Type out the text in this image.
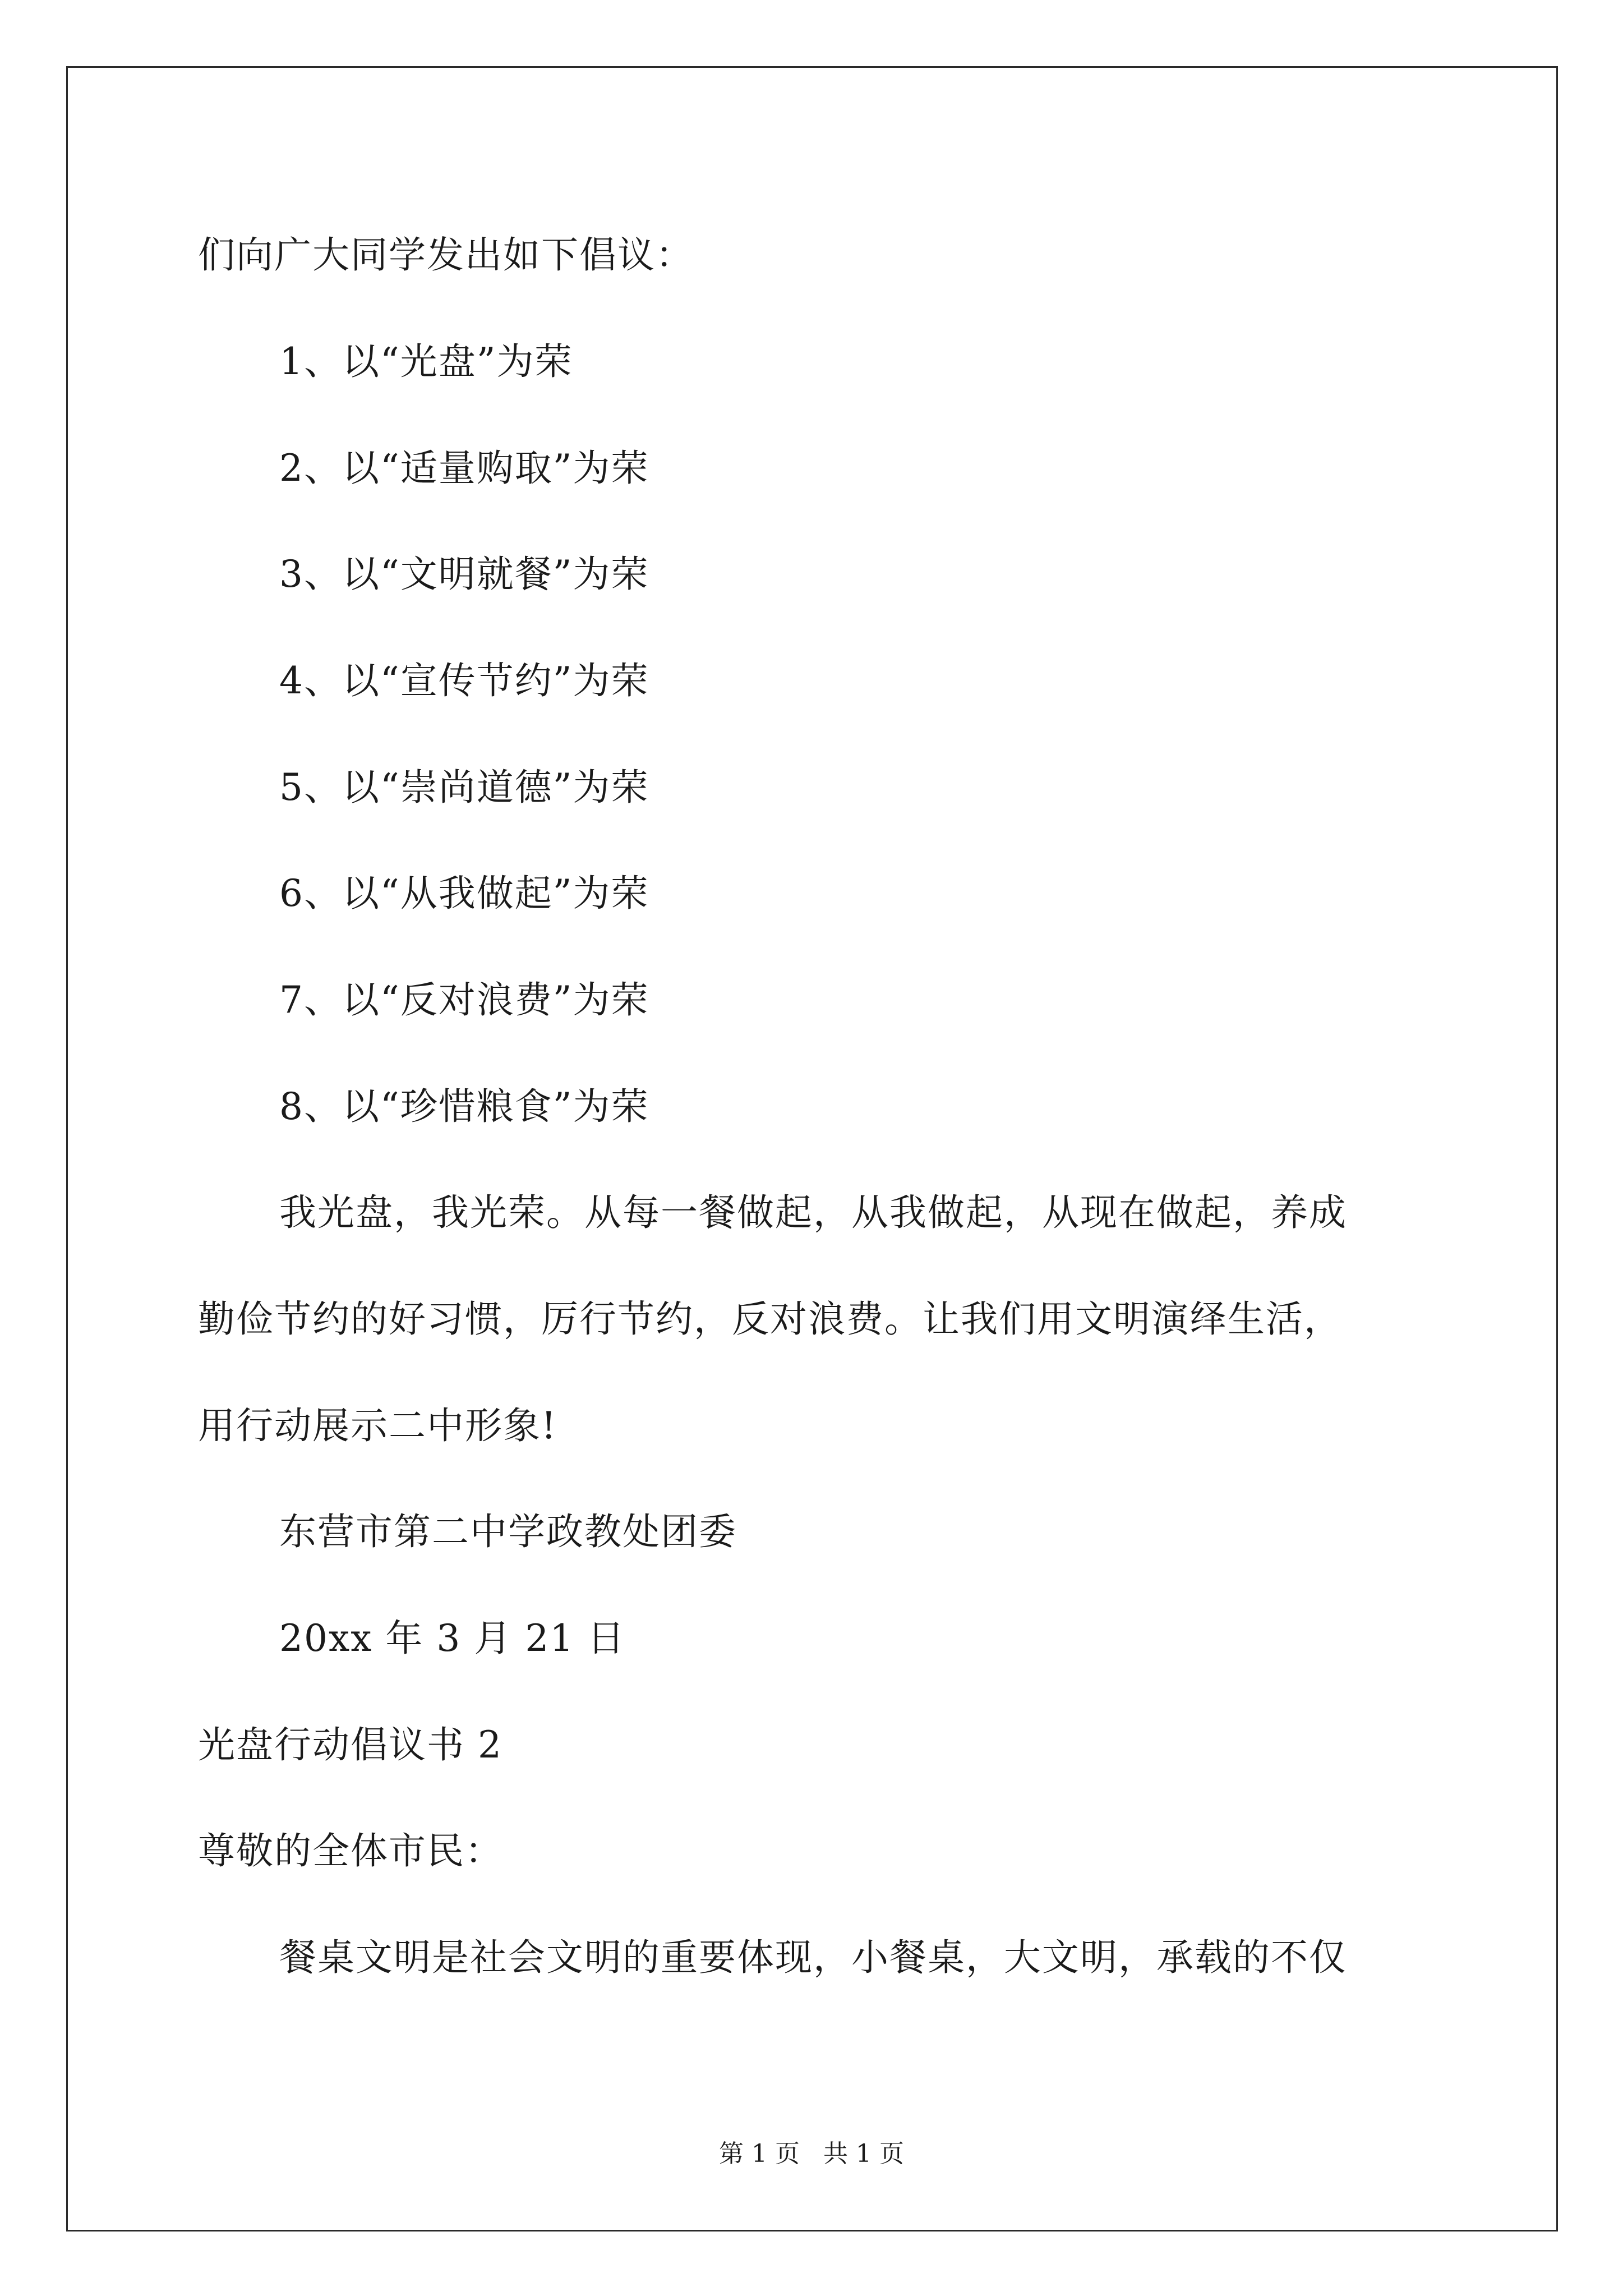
们向广大同学发出如下倡议：
1、以“光盘”为荣
2、以“适量购取”为荣
3、以“文明就餐”为荣
4、以“宣传节约”为荣
5、以“崇尚道德”为荣
6、以“从我做起”为荣
7、以“反对浪费”为荣
8、以“珍惜粮食”为荣
我光盘，我光荣。从每一餐做起，从我做起，从现在做起，养成
勤俭节约的好习惯，厉行节约，反对浪费。让我们用文明演绎生活，
用行动展示二中形象!
东营市第二中学政教处团委
20xx 年 3 月 21 日
光盘行动倡议书 2
尊敬的全体市民：
餐桌文明是社会文明的重要体现，小餐桌，大文明，承载的不仅
第 1 页   共 1 页
